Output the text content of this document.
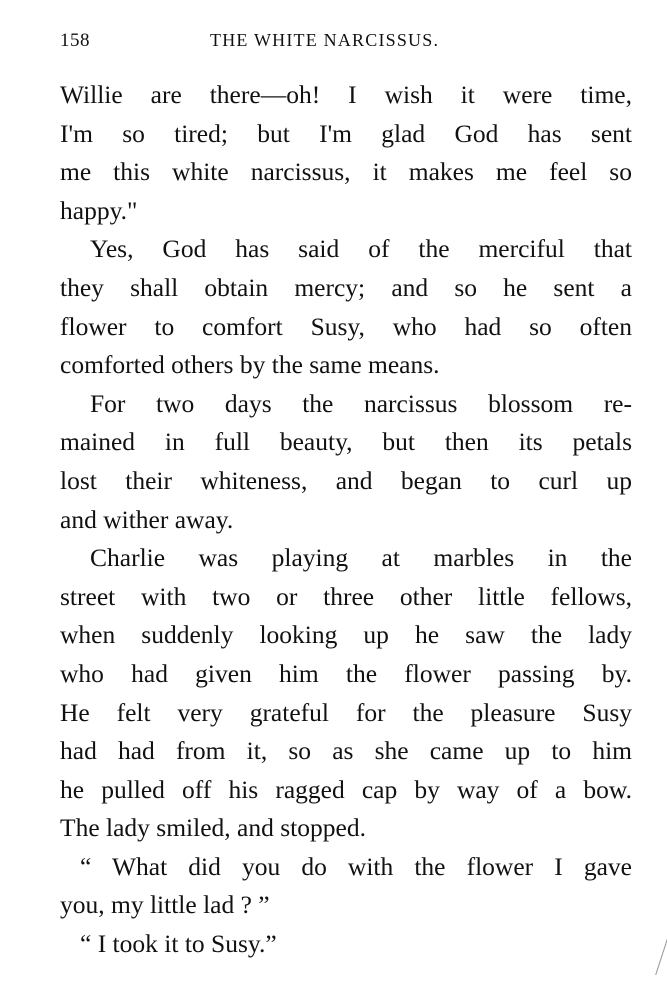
158	THE WHITE NARCISSUS.
Willie are there—oh! I wish it were time,
I'm so tired; but I'm glad God has sent
me this white narcissus, it makes me feel so
happy."
Yes, God has said of the merciful that
they shall obtain mercy; and so he sent a
flower to comfort Susy, who had so often
comforted others by the same means.
For two days the narcissus blossom re-
mained in full beauty, but then its petals
lost their whiteness, and began to curl up
and wither away.
Charlie was playing at marbles in the
street with two or three other little fellows,
when suddenly looking up he saw the lady
who had given him the flower passing by.
He felt very grateful for the pleasure Susy
had had from it, so as she came up to him
he pulled off his ragged cap by way of a bow.
The lady smiled, and stopped.
“ What did you do with the flower I gave
you, my little lad ? ”
“ I took it to Susy.”
